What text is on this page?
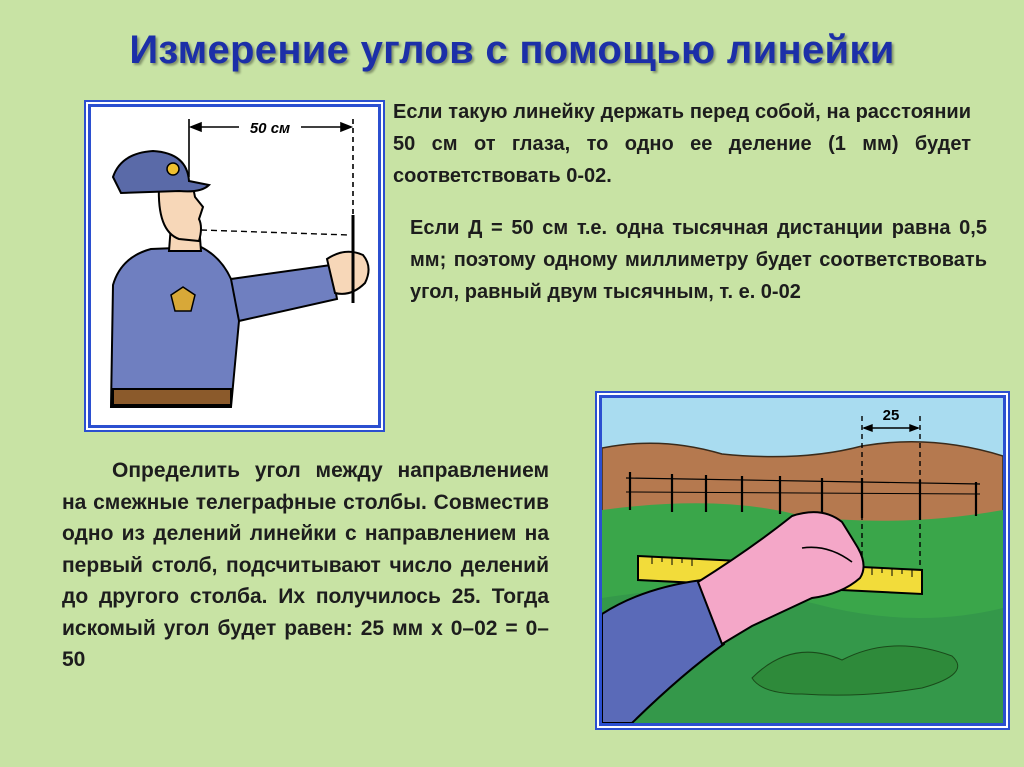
Измерение углов с помощью линейки
50 см

Если такую линейку держать перед собой, на расстоянии 50 см от глаза, то одно ее деление (1 мм) будет соответствовать 0-02.

Если Д = 50 см т.е. одна тысячная дистанции равна 0,5 мм; поэтому одному миллиметру будет соответствовать угол, равный двум тысячным, т. е. 0-02

Определить угол между направлением на смежные телеграфные столбы. Совместив одно из делений линейки с направлением на первый столб, подсчитывают число делений до другого столба. Их получилось 25. Тогда искомый угол будет равен: 25 мм х 0–02 = 0–50

25
